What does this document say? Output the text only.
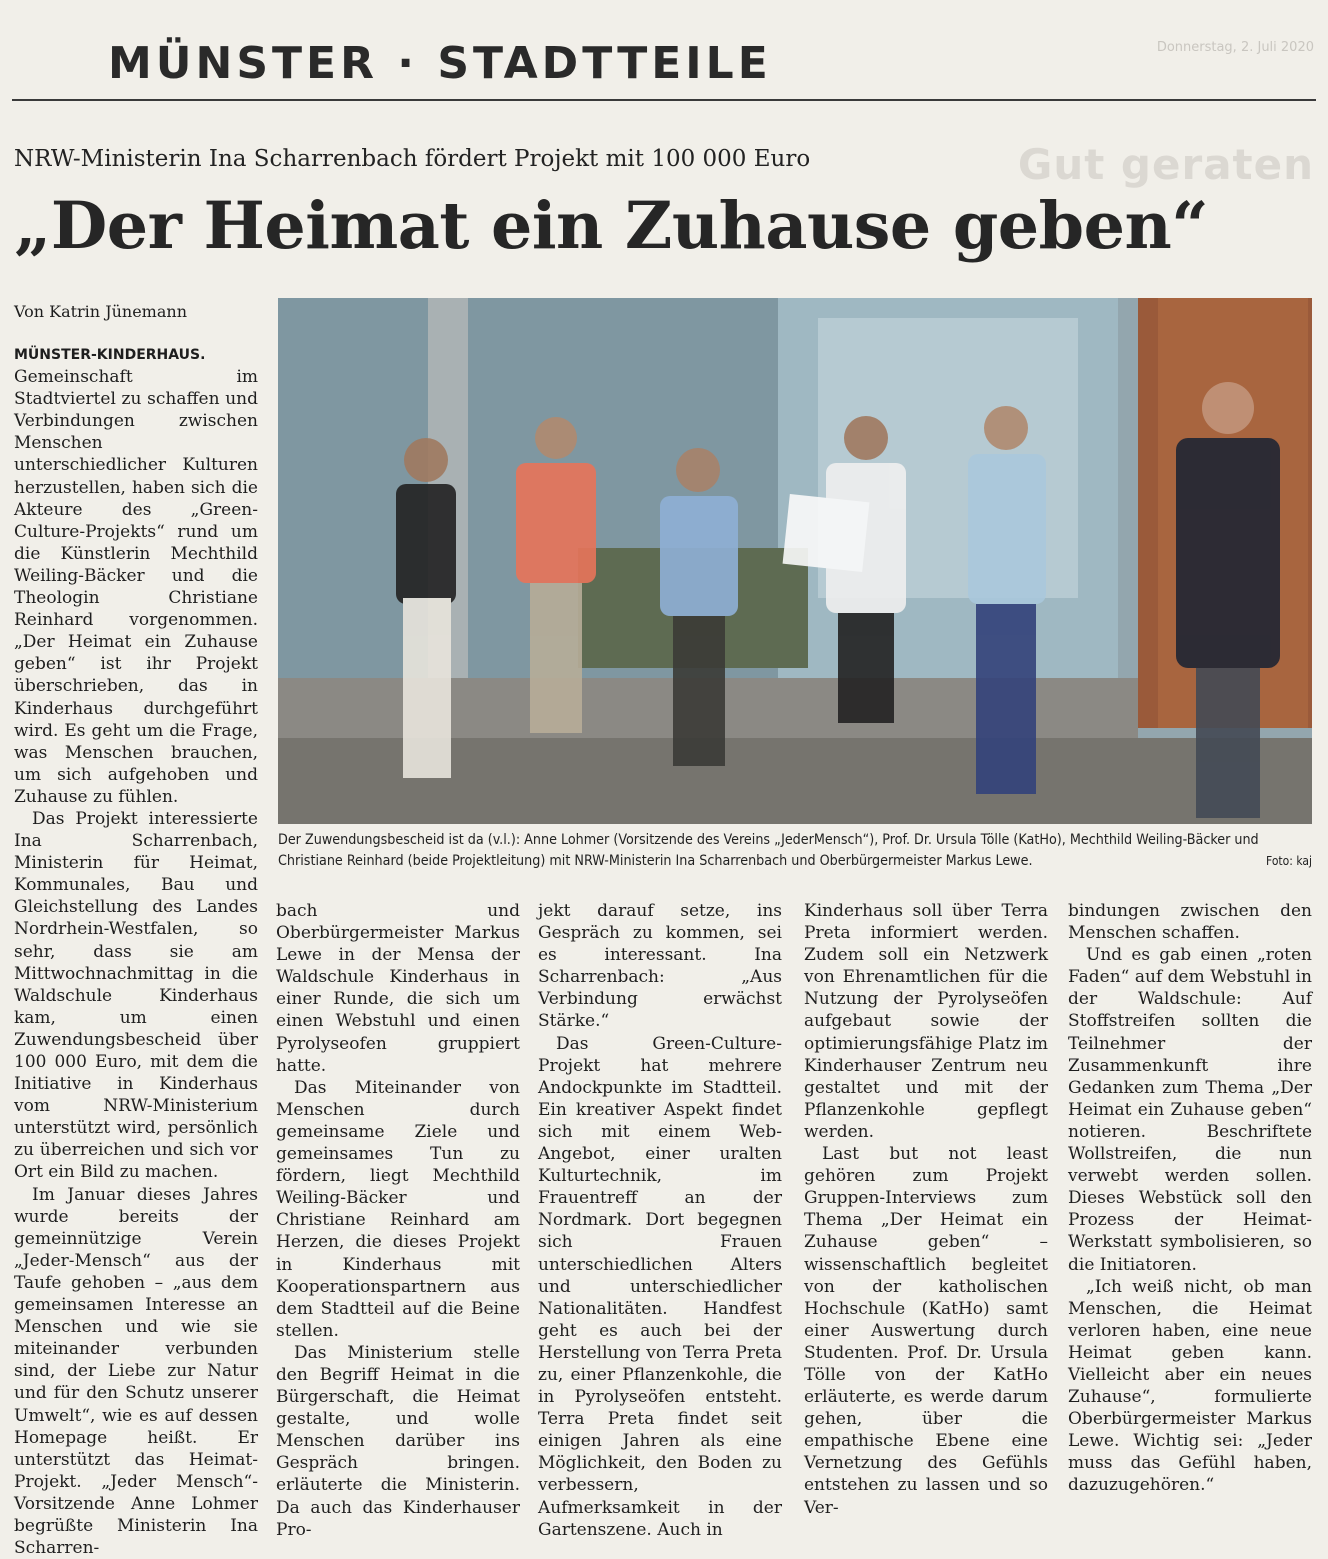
MÜNSTER · STADTTEILE	Donnerstag, 2. Juli 2020
Gut geraten
NRW-Ministerin Ina Scharrenbach fördert Projekt mit 100 000 Euro
„Der Heimat ein Zuhause geben“
Von Katrin Jünemann
Der Zuwendungsbescheid ist da (v.l.): Anne Lohmer (Vorsitzende des Vereins „JederMensch“), Prof. Dr. Ursula Tölle (KatHo), Mechthild Weiling-Bäcker und Christiane Reinhard (beide Projektleitung) mit NRW-Ministerin Ina Scharrenbach und Oberbürgermeister Markus Lewe.	Foto: kaj

MÜNSTER-KINDERHAUS. Gemeinschaft im Stadtviertel zu schaffen und Verbindungen zwischen Menschen unterschiedlicher Kulturen herzustellen, haben sich die Akteure des „Green-Culture-Projekts“ rund um die Künstlerin Mechthild Weiling-Bäcker und die Theologin Christiane Reinhard vorgenommen. „Der Heimat ein Zuhause geben“ ist ihr Projekt überschrieben, das in Kinderhaus durchgeführt wird. Es geht um die Frage, was Menschen brauchen, um sich aufgehoben und Zuhause zu fühlen.

Das Projekt interessierte Ina Scharrenbach, Ministerin für Heimat, Kommunales, Bau und Gleichstellung des Landes Nordrhein-Westfalen, so sehr, dass sie am Mittwochnachmittag in die Waldschule Kinderhaus kam, um einen Zuwendungsbescheid über 100 000 Euro, mit dem die Initiative in Kinderhaus vom NRW-Ministerium unterstützt wird, persönlich zu überreichen und sich vor Ort ein Bild zu machen.

Im Januar dieses Jahres wurde bereits der gemeinnützige Verein „Jeder-Mensch“ aus der Taufe gehoben – „aus dem gemeinsamen Interesse an Menschen und wie sie miteinander verbunden sind, der Liebe zur Natur und für den Schutz unserer Umwelt“, wie es auf dessen Homepage heißt. Er unterstützt das Heimat-Projekt. „Jeder Mensch“-Vorsitzende Anne Lohmer begrüßte Ministerin Ina Scharren-

bach und Oberbürgermeister Markus Lewe in der Mensa der Waldschule Kinderhaus in einer Runde, die sich um einen Webstuhl und einen Pyrolyseofen gruppiert hatte.

Das Miteinander von Menschen durch gemeinsame Ziele und gemeinsames Tun zu fördern, liegt Mechthild Weiling-Bäcker und Christiane Reinhard am Herzen, die dieses Projekt in Kinderhaus mit Kooperationspartnern aus dem Stadtteil auf die Beine stellen.

Das Ministerium stelle den Begriff Heimat in die Bürgerschaft, die Heimat gestalte, und wolle Menschen darüber ins Gespräch bringen. erläuterte die Ministerin. Da auch das Kinderhauser Pro-

jekt darauf setze, ins Gespräch zu kommen, sei es interessant. Ina Scharrenbach: „Aus Verbindung erwächst Stärke.“

Das Green-Culture-Projekt hat mehrere Andockpunkte im Stadtteil. Ein kreativer Aspekt findet sich mit einem Web-Angebot, einer uralten Kulturtechnik, im Frauentreff an der Nordmark. Dort begegnen sich Frauen unterschiedlichen Alters und unterschiedlicher Nationalitäten. Handfest geht es auch bei der Herstellung von Terra Preta zu, einer Pflanzenkohle, die in Pyrolyseöfen entsteht. Terra Preta findet seit einigen Jahren als eine Möglichkeit, den Boden zu verbessern, Aufmerksamkeit in der Gartenszene. Auch in

Kinderhaus soll über Terra Preta informiert werden. Zudem soll ein Netzwerk von Ehrenamtlichen für die Nutzung der Pyrolyseöfen aufgebaut sowie der optimierungsfähige Platz im Kinderhauser Zentrum neu gestaltet und mit der Pflanzenkohle gepflegt werden.

Last but not least gehören zum Projekt Gruppen-Interviews zum Thema „Der Heimat ein Zuhause geben“ – wissenschaftlich begleitet von der katholischen Hochschule (KatHo) samt einer Auswertung durch Studenten. Prof. Dr. Ursula Tölle von der KatHo erläuterte, es werde darum gehen, über die empathische Ebene eine Vernetzung des Gefühls entstehen zu lassen und so Ver-

bindungen zwischen den Menschen schaffen.

Und es gab einen „roten Faden“ auf dem Webstuhl in der Waldschule: Auf Stoffstreifen sollten die Teilnehmer der Zusammenkunft ihre Gedanken zum Thema „Der Heimat ein Zuhause geben“ notieren. Beschriftete Wollstreifen, die nun verwebt werden sollen. Dieses Webstück soll den Prozess der Heimat-Werkstatt symbolisieren, so die Initiatoren.

„Ich weiß nicht, ob man Menschen, die Heimat verloren haben, eine neue Heimat geben kann. Vielleicht aber ein neues Zuhause“, formulierte Oberbürgermeister Markus Lewe. Wichtig sei: „Jeder muss das Gefühl haben, dazuzugehören.“
